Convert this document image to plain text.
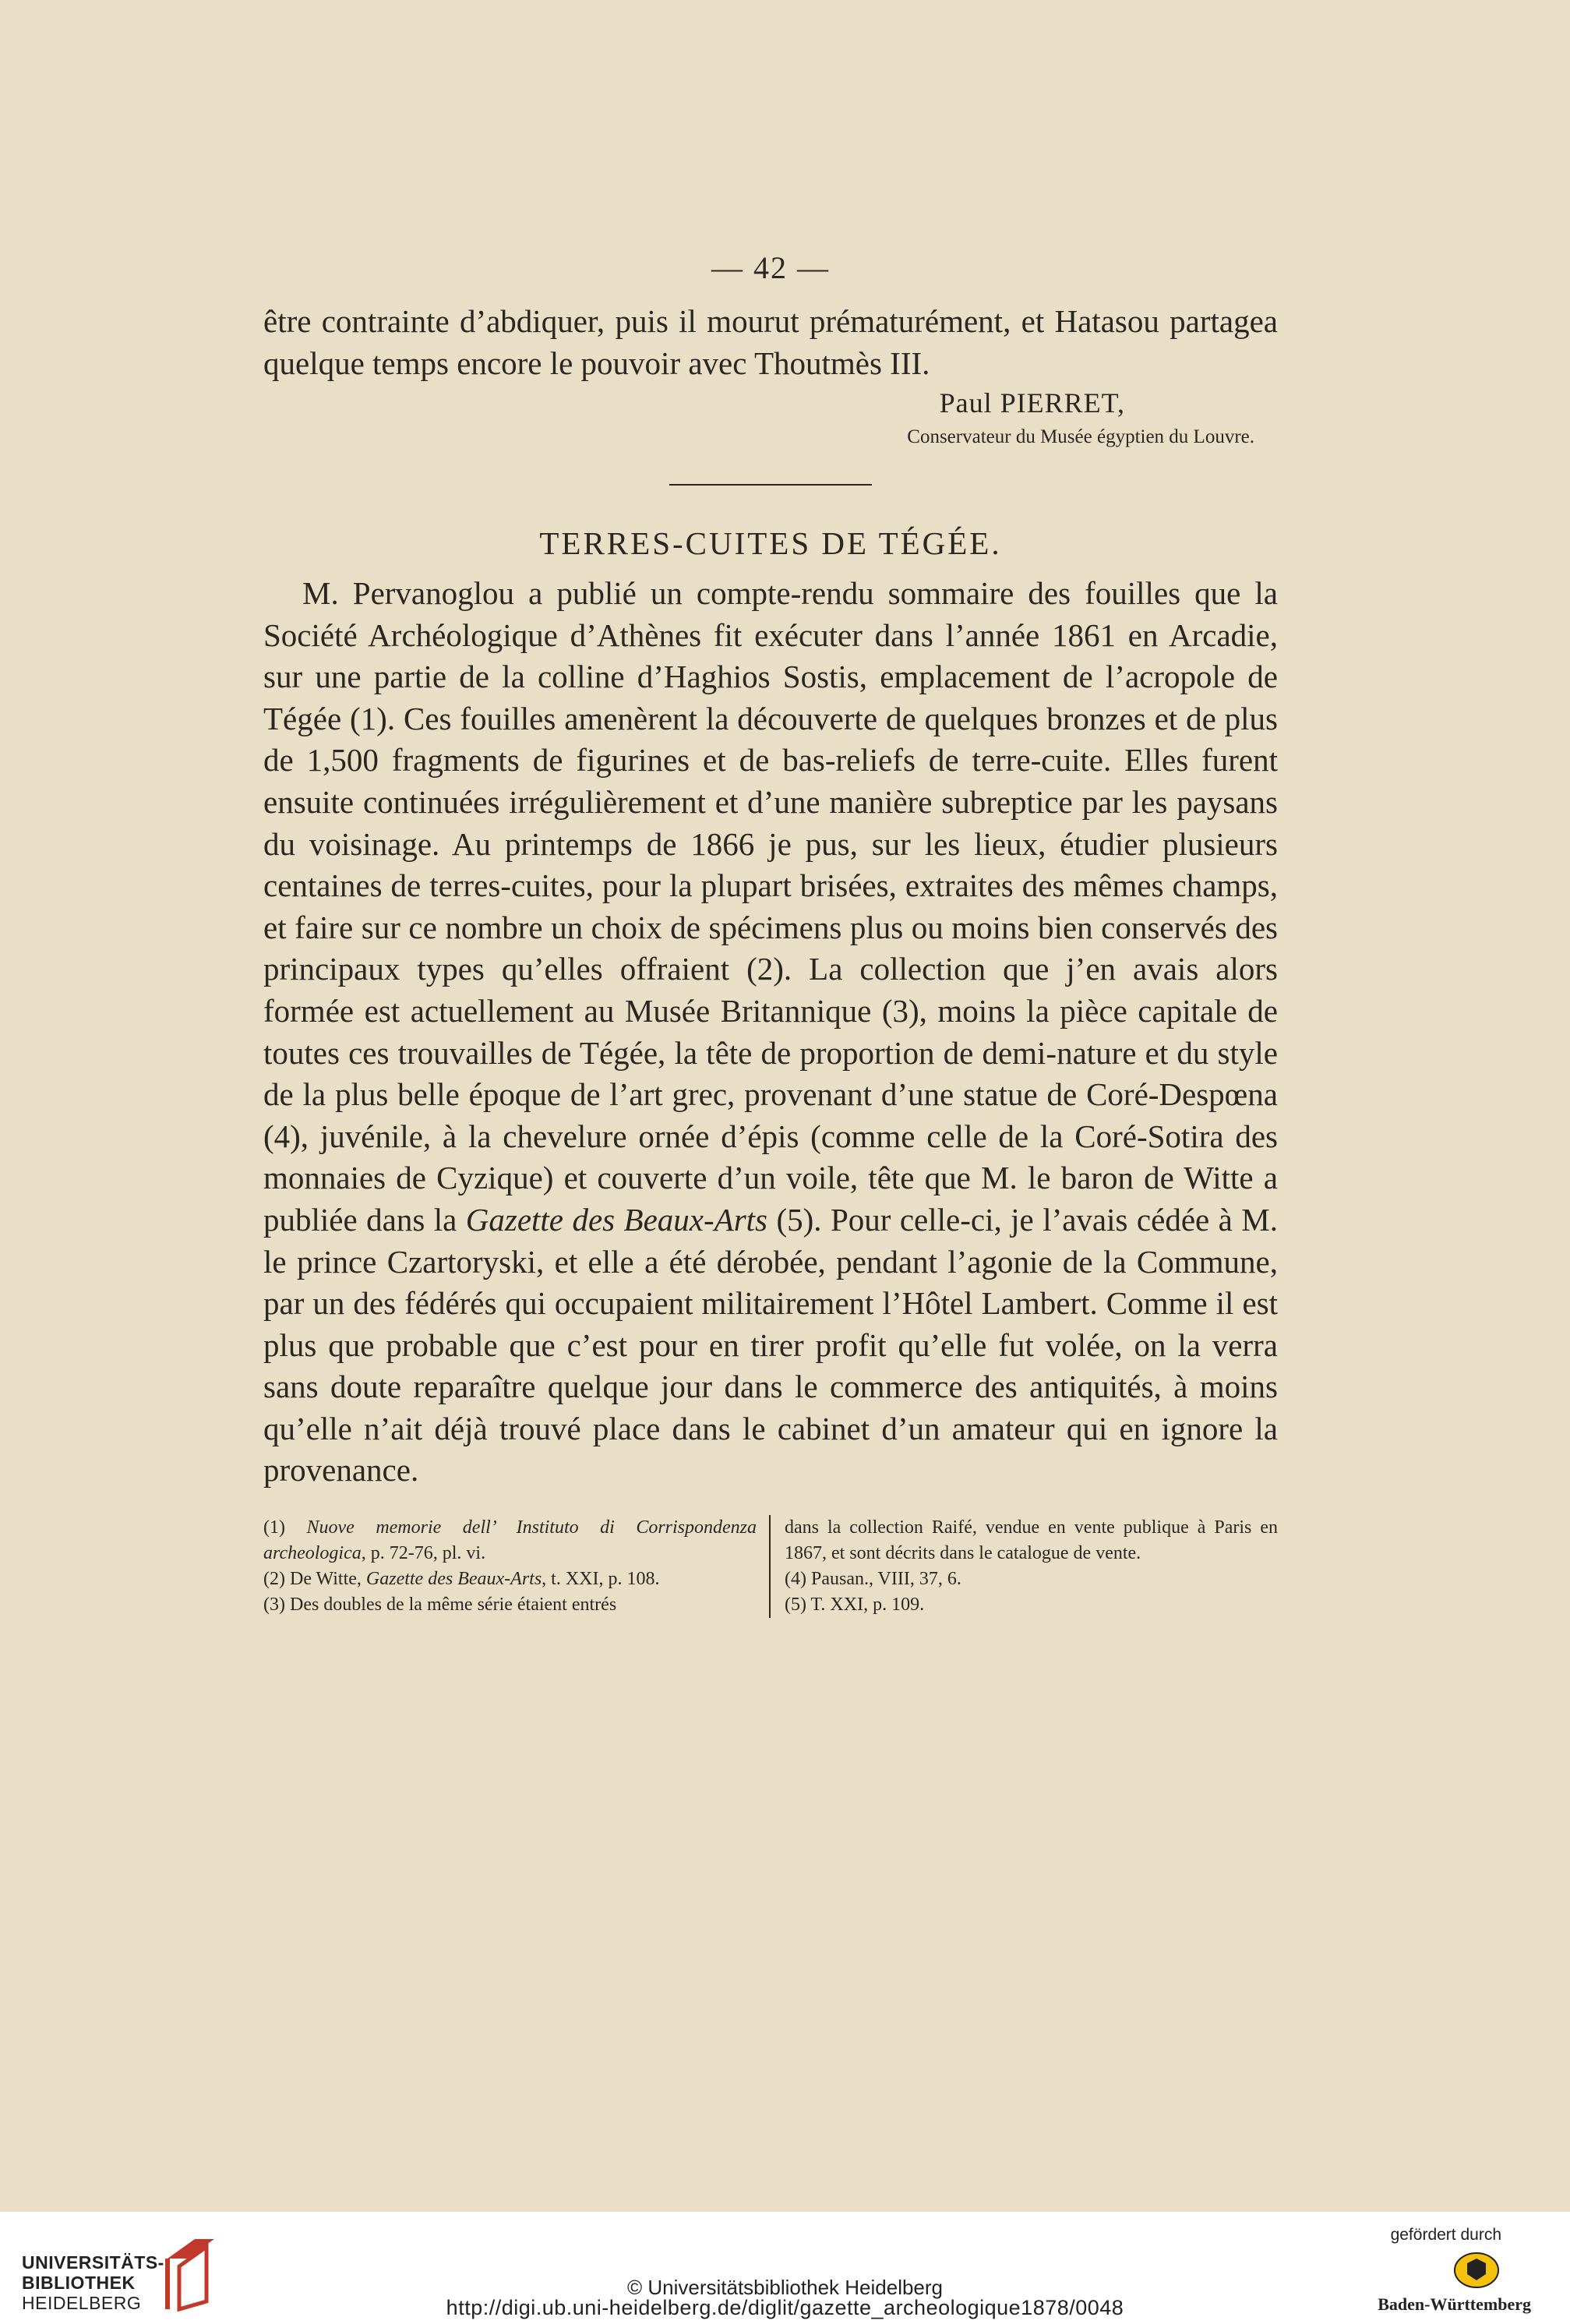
— 42 —

être contrainte d’abdiquer, puis il mourut prématurément, et Hatasou partagea quelque temps encore le pouvoir avec Thoutmès III.

Paul PIERRET,
Conservateur du Musée égyptien du Louvre.
TERRES-CUITES DE TÉGÉE.

M. Pervanoglou a publié un compte-rendu sommaire des fouilles que la Société Archéologique d’Athènes fit exécuter dans l’année 1861 en Arcadie, sur une partie de la colline d’Haghios Sostis, emplacement de l’acropole de Tégée (1). Ces fouilles amenèrent la découverte de quelques bronzes et de plus de 1,500 fragments de figurines et de bas-reliefs de terre-cuite. Elles furent ensuite continuées irrégulièrement et d’une manière subreptice par les paysans du voisinage. Au printemps de 1866 je pus, sur les lieux, étudier plusieurs centaines de terres-cuites, pour la plupart brisées, extraites des mêmes champs, et faire sur ce nombre un choix de spécimens plus ou moins bien conservés des principaux types qu’elles offraient (2). La collection que j’en avais alors formée est actuellement au Musée Britannique (3), moins la pièce capitale de toutes ces trouvailles de Tégée, la tête de proportion de demi-nature et du style de la plus belle époque de l’art grec, provenant d’une statue de Coré-Despœna (4), juvénile, à la chevelure ornée d’épis (comme celle de la Coré-Sotira des monnaies de Cyzique) et couverte d’un voile, tête que M. le baron de Witte a publiée dans la Gazette des Beaux-Arts (5). Pour celle-ci, je l’avais cédée à M. le prince Czartoryski, et elle a été dérobée, pendant l’agonie de la Commune, par un des fédérés qui occupaient militairement l’Hôtel Lambert. Comme il est plus que probable que c’est pour en tirer profit qu’elle fut volée, on la verra sans doute reparaître quelque jour dans le commerce des antiquités, à moins qu’elle n’ait déjà trouvé place dans le cabinet d’un amateur qui en ignore la provenance.

(1) Nuove memorie dell’ Instituto di Corrispondenza archeologica, p. 72-76, pl. vi.

(2) De Witte, Gazette des Beaux-Arts, t. XXI, p. 108.

(3) Des doubles de la même série étaient entrés

dans la collection Raifé, vendue en vente publique à Paris en 1867, et sont décrits dans le catalogue de vente.

(4) Pausan., VIII, 37, 6.

(5) T. XXI, p. 109.

UNIVERSITÄTS-
BIBLIOTHEK
HEIDELBERG
© Universitätsbibliothek Heidelberg
http://digi.ub.uni-heidelberg.de/diglit/gazette_archeologique1878/0048
gefördert durch
Baden-Württemberg
